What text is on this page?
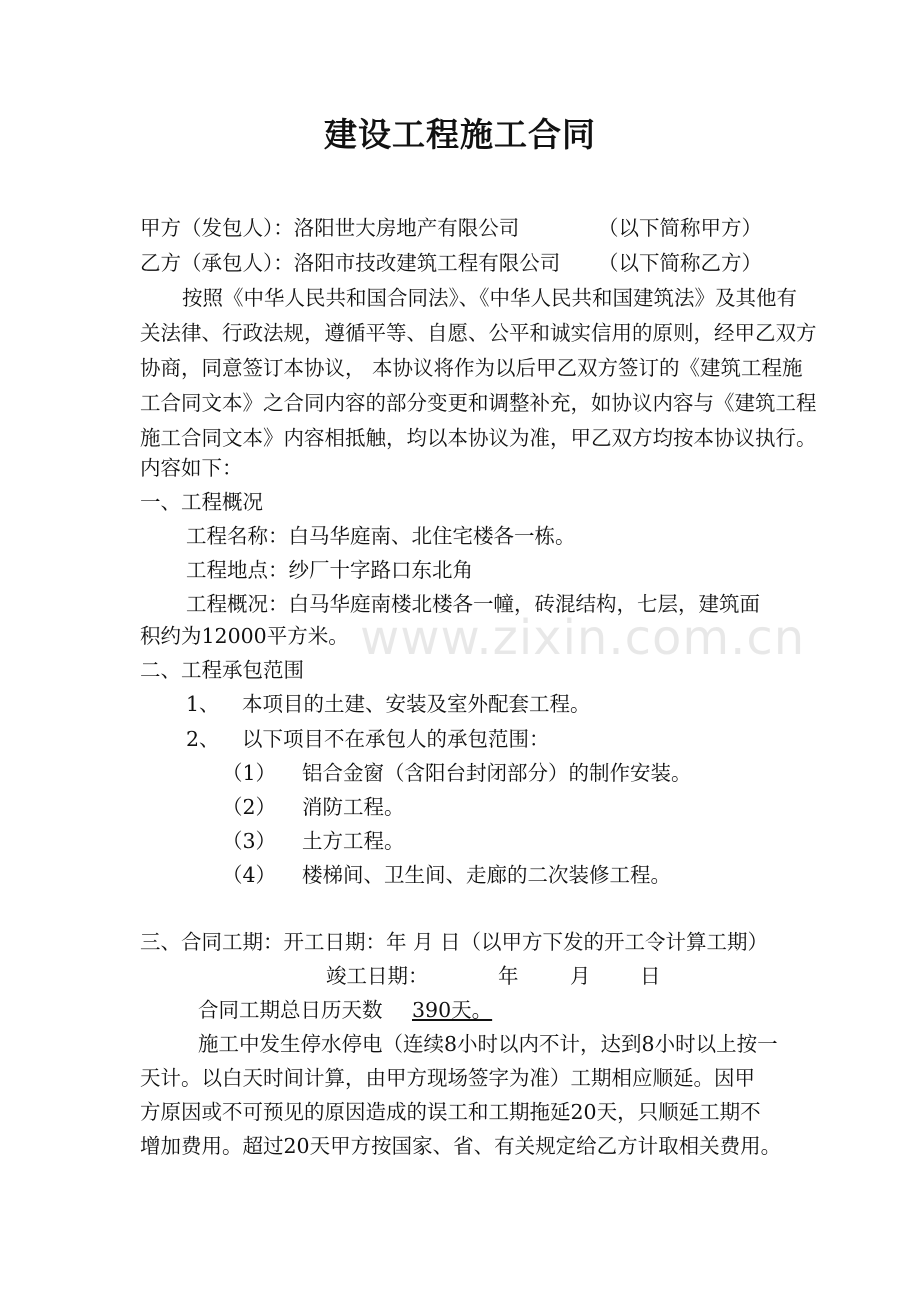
建设工程施工合同
甲方（发包人）：洛阳世大房地产有限公司	（以下简称甲方）
乙方（承包人）：洛阳市技改建筑工程有限公司 （以下简称乙方）
按照《中华人民共和国合同法》、《中华人民共和国建筑法》及其他有
关法律、行政法规，遵循平等、自愿、公平和诚实信用的原则，经甲乙双方
协商，同意签订本协议， 本协议将作为以后甲乙双方签订的《建筑工程施
工合同文本》之合同内容的部分变更和调整补充，如协议内容与《建筑工程
施工合同文本》内容相抵触，均以本协议为准，甲乙双方均按本协议执行。
内容如下：
一、工程概况
工程名称：白马华庭南、北住宅楼各一栋。
工程地点：纱厂十字路口东北角
工程概况：白马华庭南楼北楼各一幢，砖混结构，七层，建筑面
积约为12000平方米。
二、工程承包范围
1、 本项目的土建、安装及室外配套工程。
2、 以下项目不在承包人的承包范围：
（1） 铝合金窗（含阳台封闭部分）的制作安装。
（2） 消防工程。
（3） 土方工程。
（4） 楼梯间、卫生间、走廊的二次装修工程。
三、合同工期：开工日期：年 月 日（以甲方下发的开工令计算工期）
竣工日期：	年	月 日
合同工期总日历天数 390天。
施工中发生停水停电（连续8小时以内不计，达到8小时以上按一
天计。以白天时间计算，由甲方现场签字为准）工期相应顺延。因甲
方原因或不可预见的原因造成的误工和工期拖延20天，只顺延工期不
增加费用。超过20天甲方按国家、省、有关规定给乙方计取相关费用。
www.zixin.com.cn
